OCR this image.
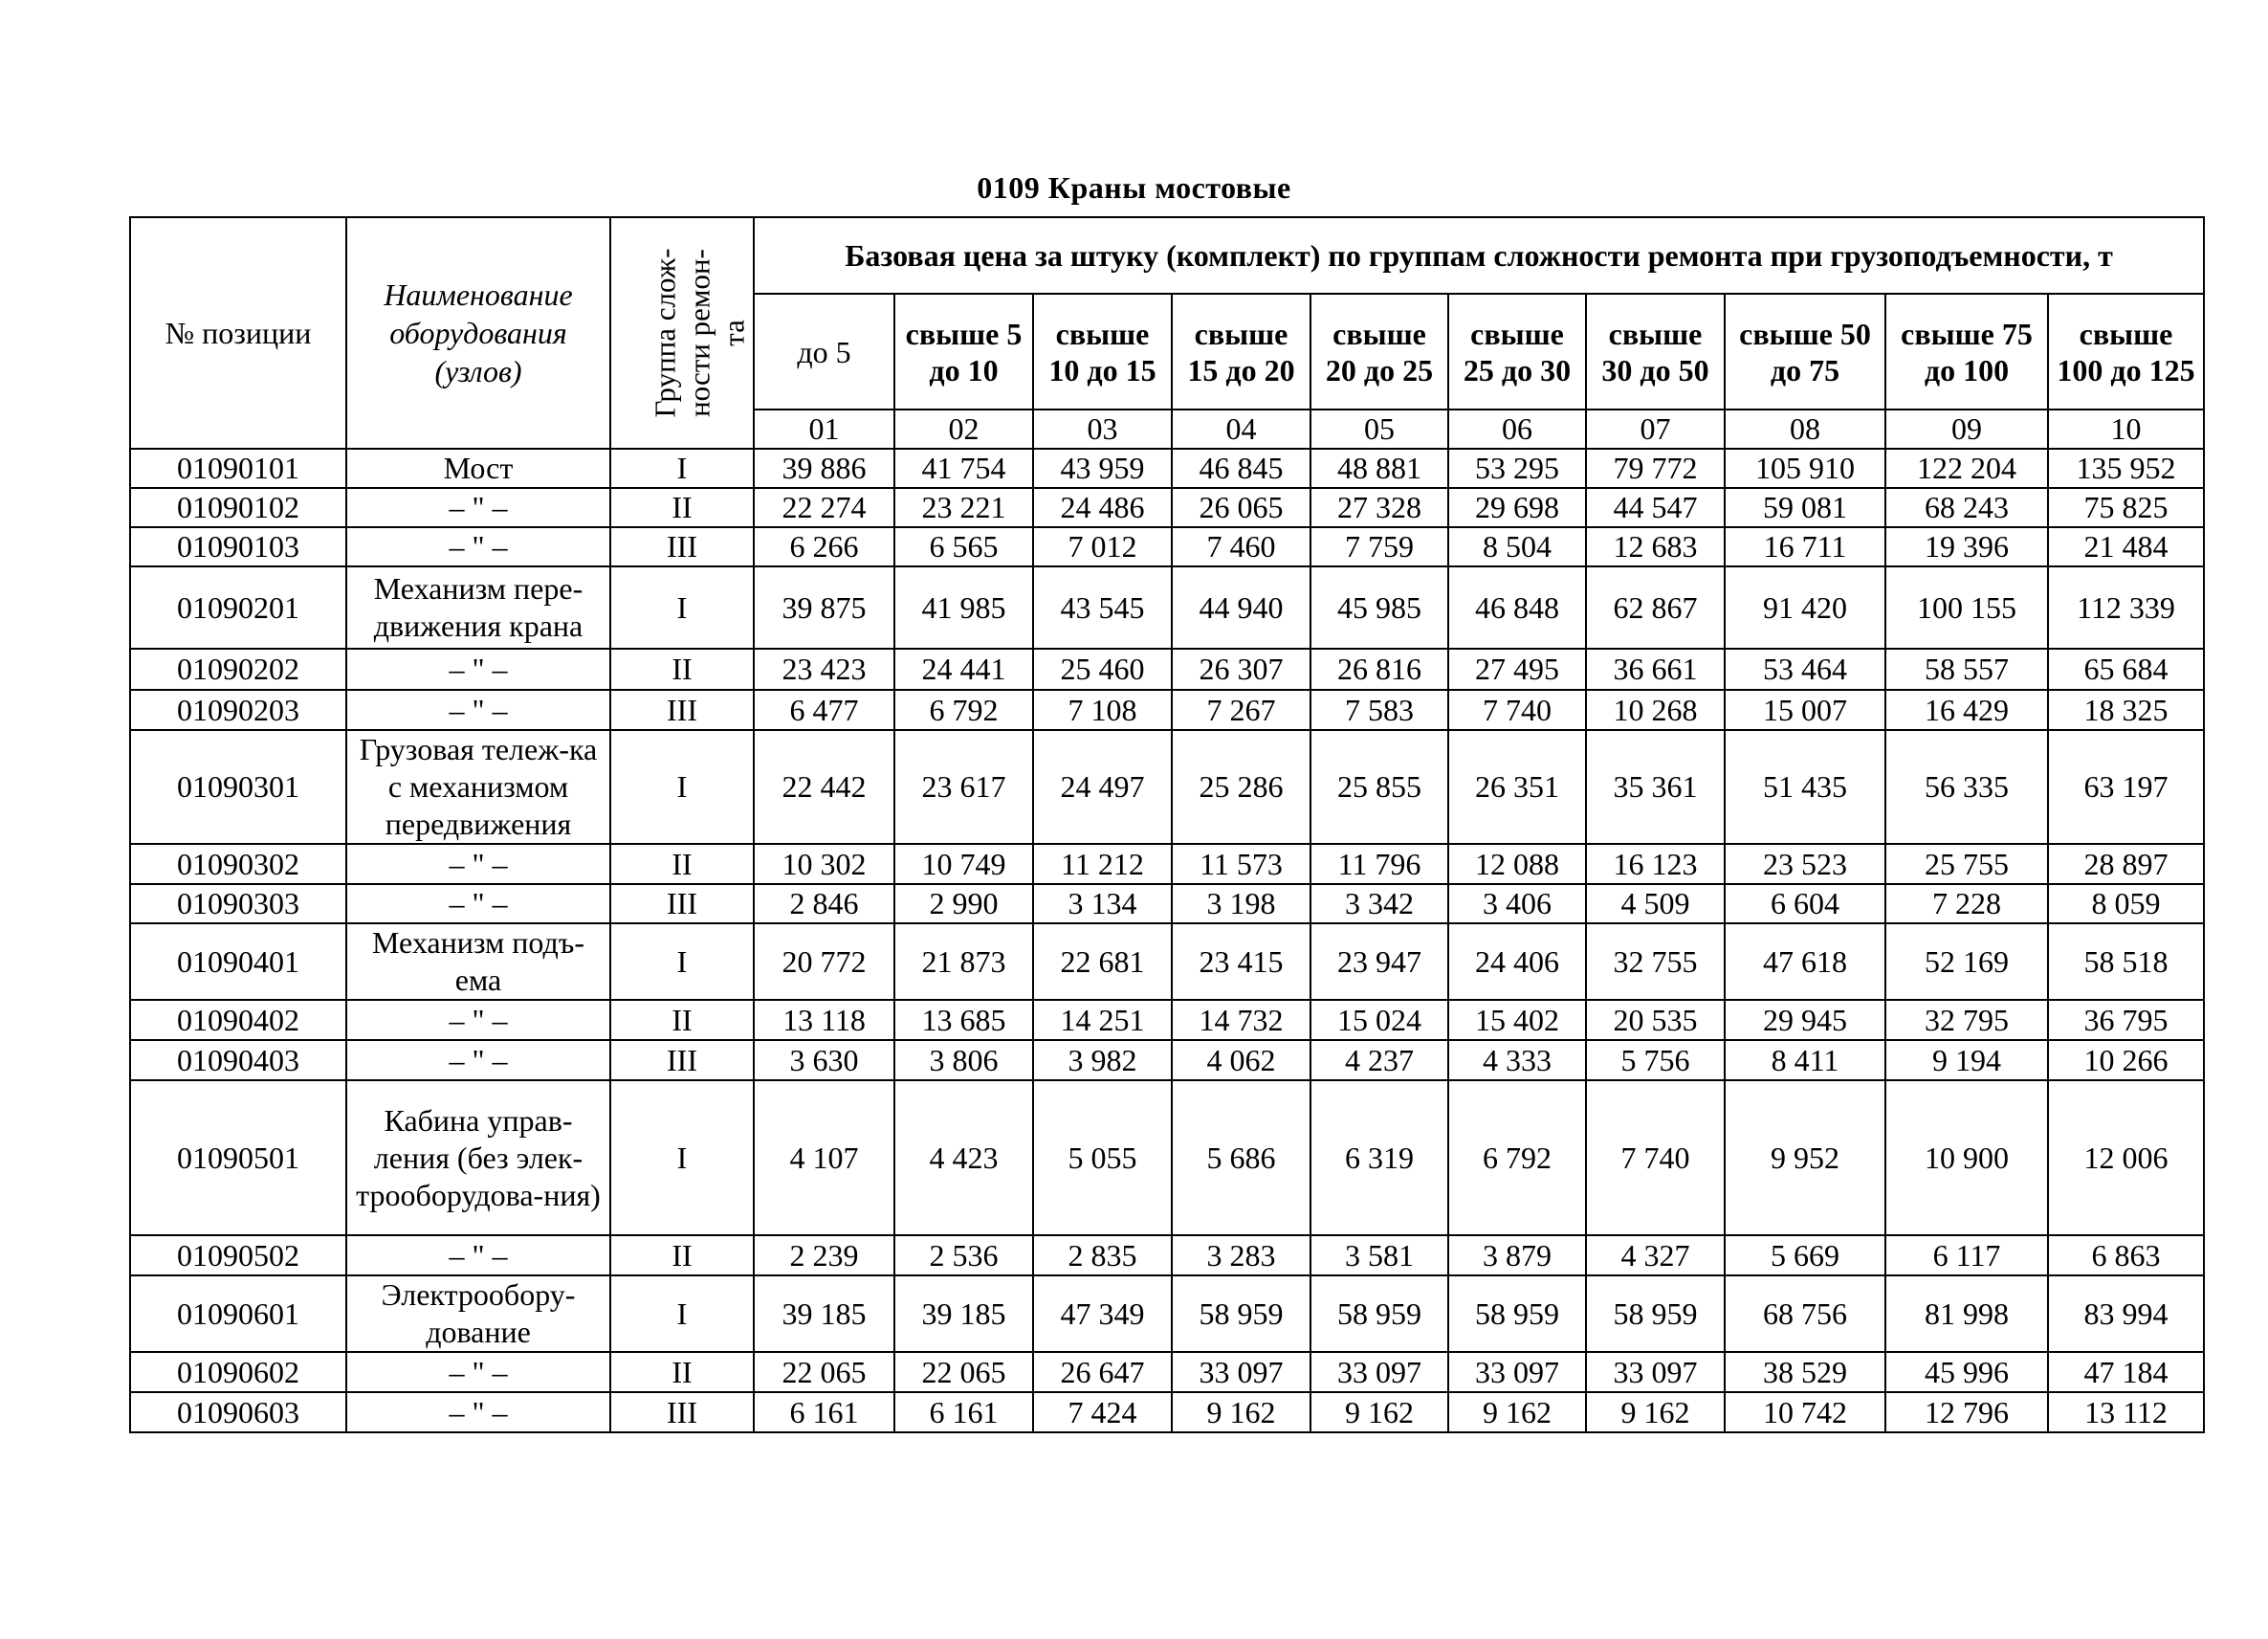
0109 Краны мостовые
№ позиции	Наименование оборудования (узлов)	Группа слож-
ности ремон-
та	Базовая цена за штуку (комплект) по группам сложности ремонта при грузоподъемности, т									
			до 5	свыше 5 до 10	свыше 10 до 15	свыше 15 до 20	свыше 20 до 25	свыше 25 до 30	свыше 30 до 50	свыше 50 до 75	свыше 75 до 100	свыше 100 до 125
			01	02	03	04	05	06	07	08	09	10
01090101	Мост	I	39 886	41 754	43 959	46 845	48 881	53 295	79 772	105 910	122 204	135 952
01090102	– " –	II	22 274	23 221	24 486	26 065	27 328	29 698	44 547	59 081	68 243	75 825
01090103	– " –	III	6 266	6 565	7 012	7 460	7 759	8 504	12 683	16 711	19 396	21 484
01090201	Механизм пере-движения крана	I	39 875	41 985	43 545	44 940	45 985	46 848	62 867	91 420	100 155	112 339
01090202	– " –	II	23 423	24 441	25 460	26 307	26 816	27 495	36 661	53 464	58 557	65 684
01090203	– " –	III	6 477	6 792	7 108	7 267	7 583	7 740	10 268	15 007	16 429	18 325
01090301	Грузовая тележ-ка с механизмом передвижения	I	22 442	23 617	24 497	25 286	25 855	26 351	35 361	51 435	56 335	63 197
01090302	– " –	II	10 302	10 749	11 212	11 573	11 796	12 088	16 123	23 523	25 755	28 897
01090303	– " –	III	2 846	2 990	3 134	3 198	3 342	3 406	4 509	6 604	7 228	8 059
01090401	Механизм подъ-ема	I	20 772	21 873	22 681	23 415	23 947	24 406	32 755	47 618	52 169	58 518
01090402	– " –	II	13 118	13 685	14 251	14 732	15 024	15 402	20 535	29 945	32 795	36 795
01090403	– " –	III	3 630	3 806	3 982	4 062	4 237	4 333	5 756	8 411	9 194	10 266
01090501	Кабина управ-ления (без элек-трооборудова-ния)	I	4 107	4 423	5 055	5 686	6 319	6 792	7 740	9 952	10 900	12 006
01090502	– " –	II	2 239	2 536	2 835	3 283	3 581	3 879	4 327	5 669	6 117	6 863
01090601	Электрообору-дование	I	39 185	39 185	47 349	58 959	58 959	58 959	58 959	68 756	81 998	83 994
01090602	– " –	II	22 065	22 065	26 647	33 097	33 097	33 097	33 097	38 529	45 996	47 184
01090603	– " –	III	6 161	6 161	7 424	9 162	9 162	9 162	9 162	10 742	12 796	13 112
